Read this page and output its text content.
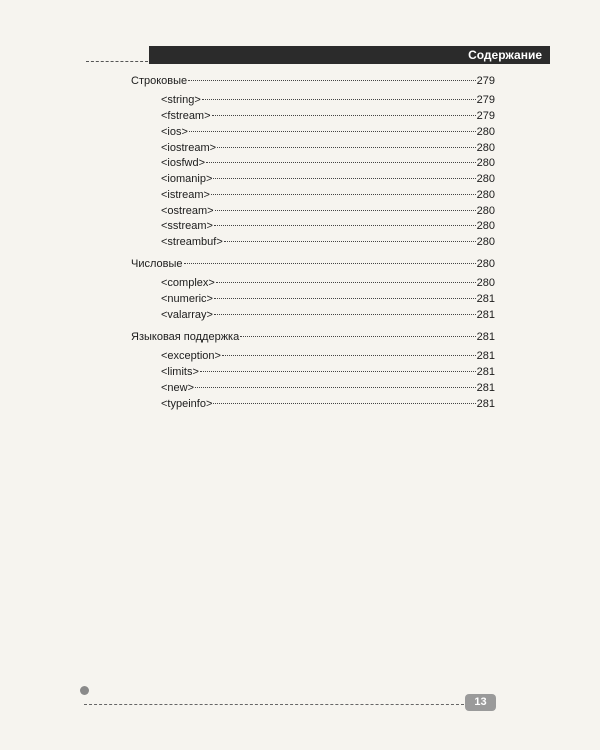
Содержание
Строковые	279
<string>	279
<fstream>	279
<ios>	280
<iostream>	280
<iosfwd>	280
<iomanip>	280
<istream>	280
<ostream>	280
<sstream>	280
<streambuf>	280
Числовые	280
<complex>	280
<numeric>	281
<valarray>	281
Языковая поддержка	281
<exception>	281
<limits>	281
<new>	281
<typeinfo>	281
13
